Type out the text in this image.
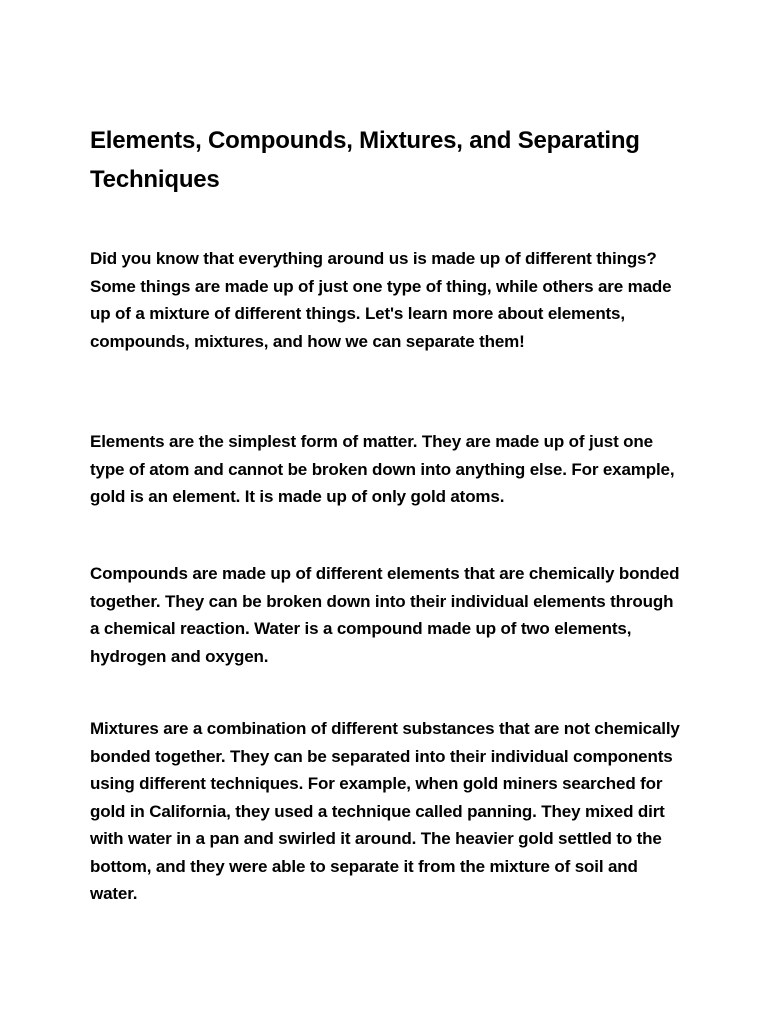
Elements, Compounds, Mixtures, and Separating Techniques

Did you know that everything around us is made up of different things? Some things are made up of just one type of thing, while others are made up of a mixture of different things. Let's learn more about elements, compounds, mixtures, and how we can separate them!

Elements are the simplest form of matter. They are made up of just one type of atom and cannot be broken down into anything else. For example, gold is an element. It is made up of only gold atoms.

Compounds are made up of different elements that are chemically bonded together. They can be broken down into their individual elements through a chemical reaction. Water is a compound made up of two elements, hydrogen and oxygen.

Mixtures are a combination of different substances that are not chemically bonded together. They can be separated into their individual components using different techniques. For example, when gold miners searched for gold in California, they used a technique called panning. They mixed dirt with water in a pan and swirled it around. The heavier gold settled to the bottom, and they were able to separate it from the mixture of soil and water.
